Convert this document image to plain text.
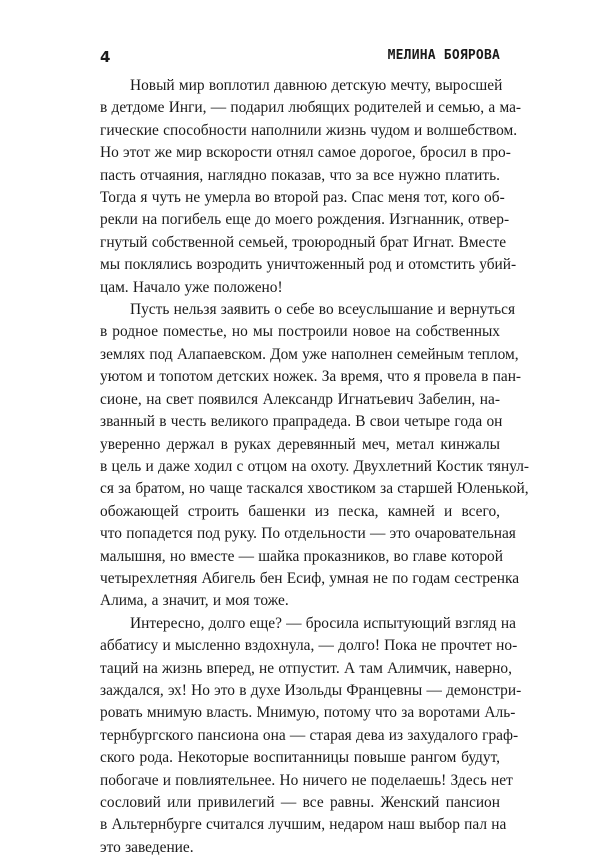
4	МЕЛИНА БОЯРОВА
Новый мир воплотил давнюю детскую мечту, выросшей
в детдоме Инги, — подарил любящих родителей и семью, а ма-
гические способности наполнили жизнь чудом и волшебством.
Но этот же мир вскорости отнял самое дорогое, бросил в про-
пасть отчаяния, наглядно показав, что за все нужно платить.
Тогда я чуть не умерла во второй раз. Спас меня тот, кого об-
рекли на погибель еще до моего рождения. Изгнанник, отвер-
гнутый собственной семьей, троюродный брат Игнат. Вместе
мы поклялись возродить уничтоженный род и отомстить убий-
цам. Начало уже положено!
Пусть нельзя заявить о себе во всеуслышание и вернуться
в родное поместье, но мы построили новое на собственных
землях под Алапаевском. Дом уже наполнен семейным теплом,
уютом и топотом детских ножек. За время, что я провела в пан-
сионе, на свет появился Александр Игнатьевич Забелин, на-
званный в честь великого прапрадеда. В свои четыре года он
уверенно держал в руках деревянный меч, метал кинжалы
в цель и даже ходил с отцом на охоту. Двухлетний Костик тянул-
ся за братом, но чаще таскался хвостиком за старшей Юленькой,
обожающей строить башенки из песка, камней и всего,
что попадется под руку. По отдельности — это очаровательная
малышня, но вместе — шайка проказников, во главе которой
четырехлетняя Абигель бен Есиф, умная не по годам сестренка
Алима, а значит, и моя тоже.
Интересно, долго еще? — бросила испытующий взгляд на
аббатису и мысленно вздохнула, — долго! Пока не прочтет но-
таций на жизнь вперед, не отпустит. А там Алимчик, наверно,
заждался, эх! Но это в духе Изольды Францевны — демонстри-
ровать мнимую власть. Мнимую, потому что за воротами Аль-
тернбургского пансиона она — старая дева из захудалого граф-
ского рода. Некоторые воспитанницы повыше рангом будут,
побогаче и повлиятельнее. Но ничего не поделаешь! Здесь нет
сословий или привилегий — все равны. Женский пансион
в Альтернбурге считался лучшим, недаром наш выбор пал на
это заведение.
